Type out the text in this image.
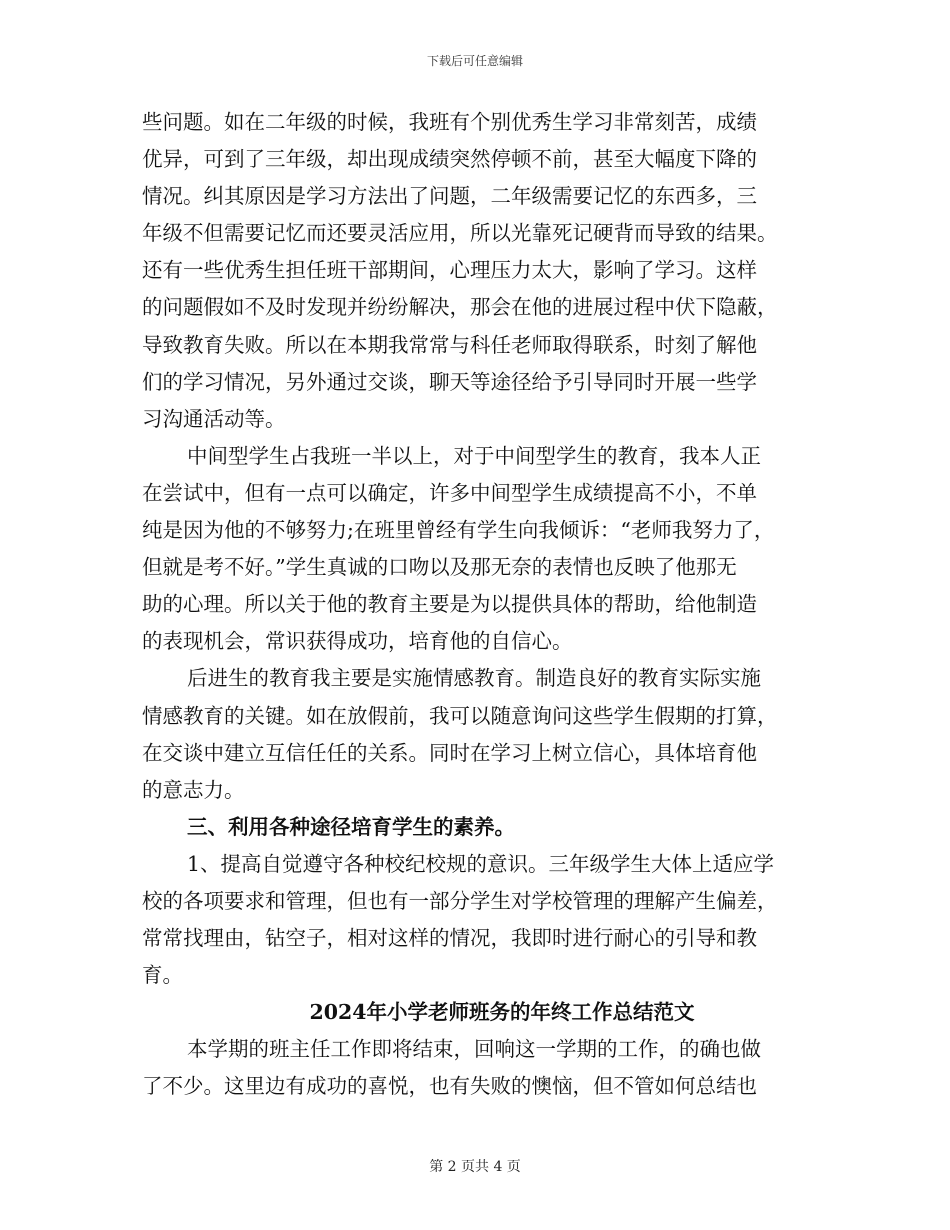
下载后可任意编辑
些问题。如在二年级的时候，我班有个别优秀生学习非常刻苦，成绩
优异，可到了三年级，却出现成绩突然停顿不前，甚至大幅度下降的
情况。纠其原因是学习方法出了问题，二年级需要记忆的东西多，三
年级不但需要记忆而还要灵活应用，所以光靠死记硬背而导致的结果。
还有一些优秀生担任班干部期间，心理压力太大，影响了学习。这样
的问题假如不及时发现并纷纷解决，那会在他的进展过程中伏下隐蔽，
导致教育失败。所以在本期我常常与科任老师取得联系，时刻了解他
们的学习情况，另外通过交谈，聊天等途径给予引导同时开展一些学
习沟通活动等。
中间型学生占我班一半以上，对于中间型学生的教育，我本人正
在尝试中，但有一点可以确定，许多中间型学生成绩提高不小，不单
纯是因为他的不够努力;在班里曾经有学生向我倾诉：“老师我努力了，
但就是考不好。”学生真诚的口吻以及那无奈的表情也反映了他那无
助的心理。所以关于他的教育主要是为以提供具体的帮助，给他制造
的表现机会，常识获得成功，培育他的自信心。
后进生的教育我主要是实施情感教育。制造良好的教育实际实施
情感教育的关键。如在放假前，我可以随意询问这些学生假期的打算，
在交谈中建立互信任任的关系。同时在学习上树立信心，具体培育他
的意志力。
三、利用各种途径培育学生的素养。
1、提高自觉遵守各种校纪校规的意识。三年级学生大体上适应学
校的各项要求和管理，但也有一部分学生对学校管理的理解产生偏差，
常常找理由，钻空子，相对这样的情况，我即时进行耐心的引导和教
育。
2024年小学老师班务的年终工作总结范文
本学期的班主任工作即将结束，回响这一学期的工作，的确也做
了不少。这里边有成功的喜悦，也有失败的懊恼，但不管如何总结也
第 2 页共 4 页
